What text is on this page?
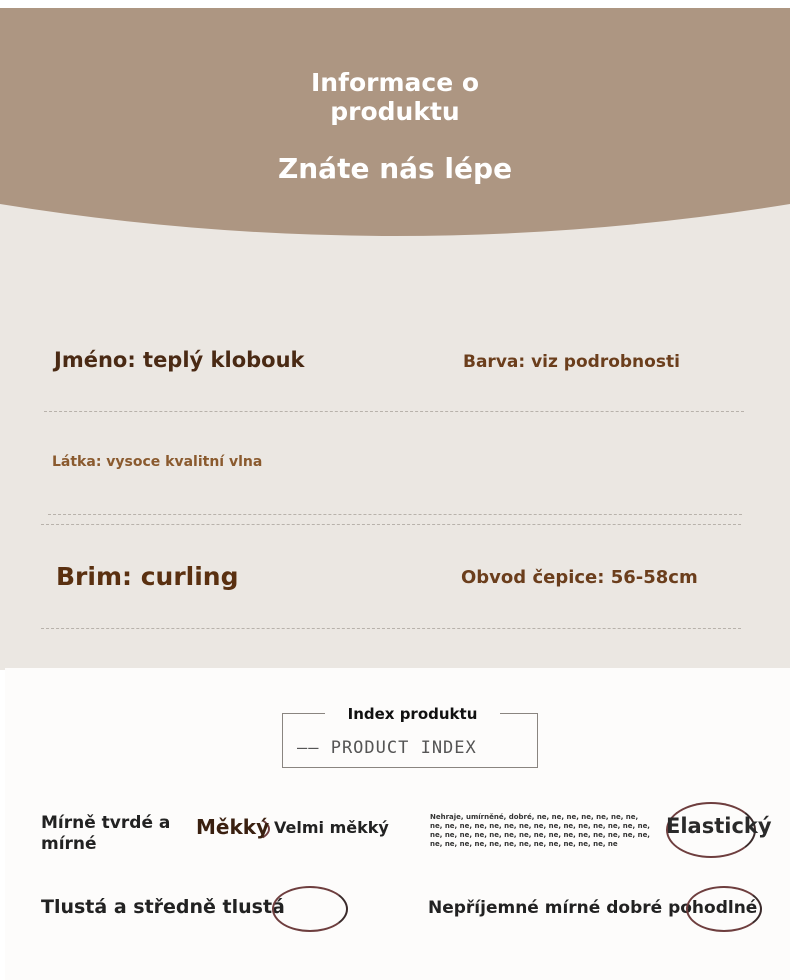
Informace o produktu
Znáte nás lépe
Jméno: teplý klobouk	Barva: viz podrobnosti
Látka: vysoce kvalitní vlna
Brim: curling	Obvod čepice: 56-58cm
Index produktu
—— PRODUCT INDEX
Mírně tvrdé a mírné
Měkký Velmi měkký
Nehraje, umírněné, dobré, ne, ne, ne, ne, ne, ne, ne, ne, ne, ne, ne, ne, ne, ne, ne, ne, ne, ne, ne, ne, ne, ne, ne, ne, ne, ne, ne, ne, ne, ne, ne, ne, ne, ne, ne, ne, ne, ne, ne, ne, ne, ne, ne, ne, ne, ne, ne, ne, ne, ne
Elastický
Tlustá a středně tlustá	Nepříjemné mírné dobré pohodlné
